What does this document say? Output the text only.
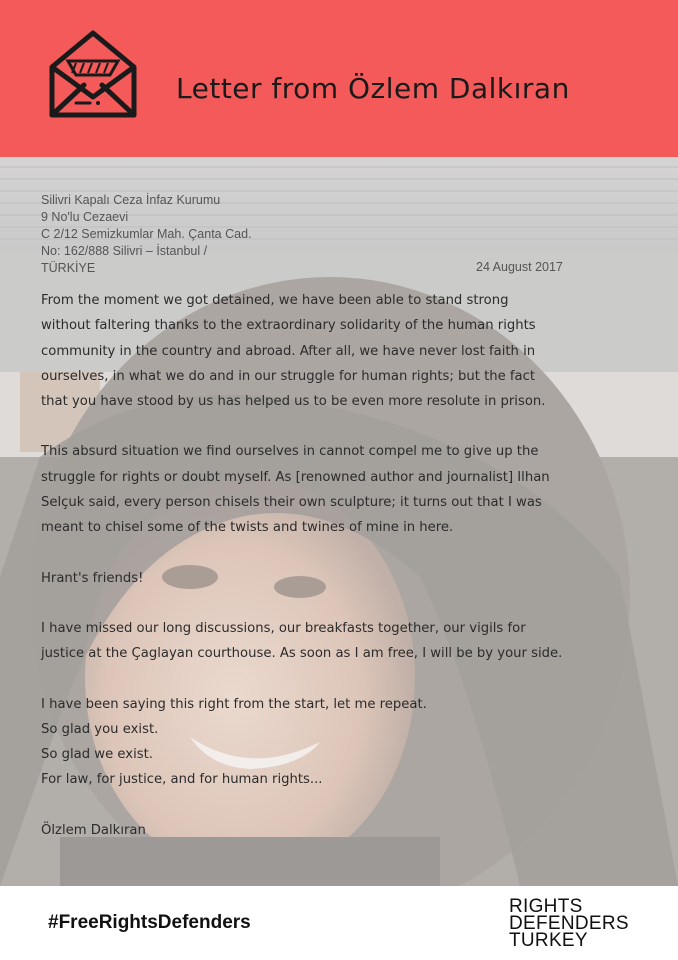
Letter from Özlem Dalkıran
Silivri Kapalı Ceza İnfaz Kurumu
9 No'lu Cezaevi
C 2/12 Semizkumlar Mah. Çanta Cad.
No: 162/888 Silivri – İstanbul /
TÜRKİYE	24 August 2017

From the moment we got detained, we have been able to stand strong
without faltering thanks to the extraordinary solidarity of the human rights
community in the country and abroad. After all, we have never lost faith in
ourselves, in what we do and in our struggle for human rights; but the fact
that you have stood by us has helped us to be even more resolute in prison.

This absurd situation we find ourselves in cannot compel me to give up the
struggle for rights or doubt myself. As [renowned author and journalist] Ilhan
Selçuk said, every person chisels their own sculpture; it turns out that I was
meant to chisel some of the twists and twines of mine in here.

Hrant's friends!

I have missed our long discussions, our breakfasts together, our vigils for
justice at the Çaglayan courthouse. As soon as I am free, I will be by your side.

I have been saying this right from the start, let me repeat.
So glad you exist.
So glad we exist.
For law, for justice, and for human rights...

Ölzlem Dalkıran

#FreeRightsDefenders
RIGHTS
DEFENDERS
TURKEY
